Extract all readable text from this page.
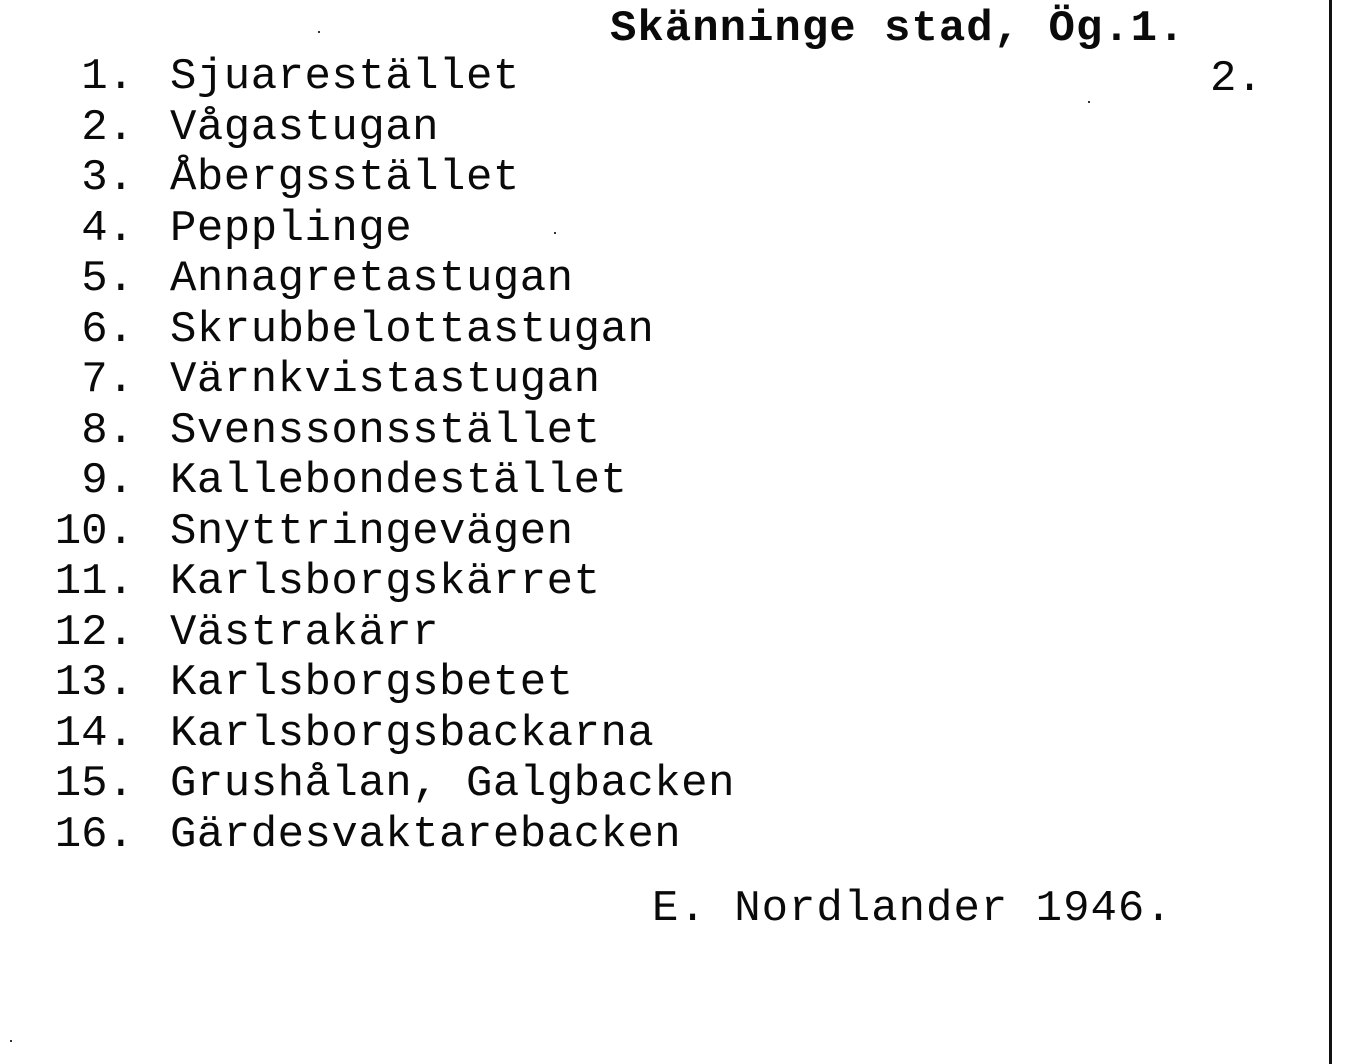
Skänninge stad, Ög.1.
2.
1. Sjuarestället
2. Vågastugan
3. Åbergsstället
4. Pepplinge
5. Annagretastugan
6. Skrubbelottastugan
7. Värnkvistastugan
8. Svenssonsstället
9. Kallebondestället
10. Snyttringevägen
11. Karlsborgskärret
12. Västrakärr
13. Karlsborgsbetet
14. Karlsborgsbackarna
15. Grushålan, Galgbacken
16. Gärdesvaktarebacken
E. Nordlander 1946.
